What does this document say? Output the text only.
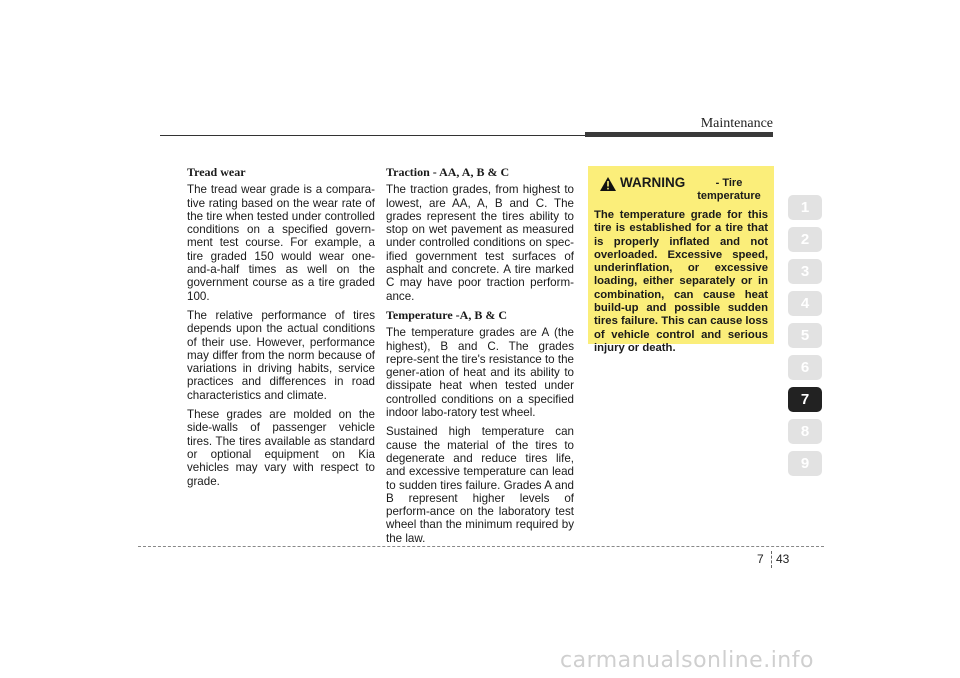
Maintenance
Tread wear

The tread wear grade is a compara-tive rating based on the wear rate of the tire when tested under controlled conditions on a specified govern-ment test course. For example, a tire graded 150 would wear one-and-a-half times as well on the government course as a tire graded 100.

The relative performance of tires depends upon the actual conditions of their use. However, performance may differ from the norm because of variations in driving habits, service practices and differences in road characteristics and climate.

These grades are molded on the side-walls of passenger vehicle tires. The tires available as standard or optional equipment on Kia vehicles may vary with respect to grade.

Traction - AA, A, B & C

The traction grades, from highest to lowest, are AA, A, B and C. The grades represent the tires ability to stop on wet pavement as measured under controlled conditions on spec-ified government test surfaces of asphalt and concrete. A tire marked C may have poor traction perform-ance.

Temperature -A, B & C

The temperature grades are A (the highest), B and C. The grades repre-sent the tire's resistance to the gener-ation of heat and its ability to dissipate heat when tested under controlled conditions on a specified indoor labo-ratory test wheel.

Sustained high temperature can cause the material of the tires to degenerate and reduce tires life, and excessive temperature can lead to sudden tires failure. Grades A and B represent higher levels of perform-ance on the laboratory test wheel than the minimum required by the law.

WARNING	- Tire temperature
The temperature grade for this tire is established for a tire that is properly inflated and not overloaded. Excessive speed, underinflation, or excessive loading, either separately or in combination, can cause heat build-up and possible sudden tires failure. This can cause loss of vehicle control and serious injury or death.
1
2
3
4
5
6
7
8
9
7 43
carmanualsonline.info
